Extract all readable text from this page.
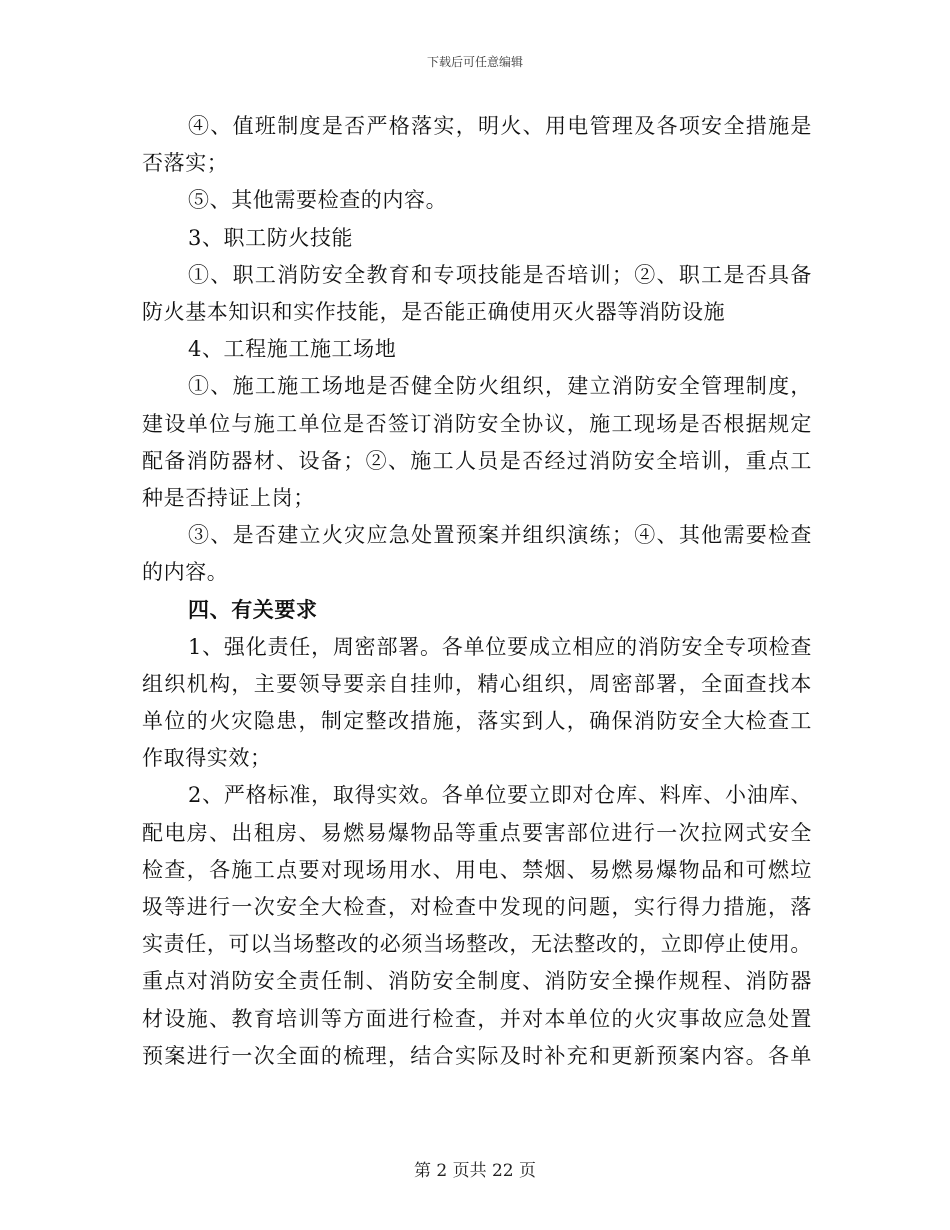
下载后可任意编辑
④、值班制度是否严格落实，明火、用电管理及各项安全措施是
否落实；
⑤、其他需要检查的内容。
3、职工防火技能
①、职工消防安全教育和专项技能是否培训；②、职工是否具备
防火基本知识和实作技能，是否能正确使用灭火器等消防设施
4、工程施工施工场地
①、施工施工场地是否健全防火组织，建立消防安全管理制度，
建设单位与施工单位是否签订消防安全协议，施工现场是否根据规定
配备消防器材、设备；②、施工人员是否经过消防安全培训，重点工
种是否持证上岗；
③、是否建立火灾应急处置预案并组织演练；④、其他需要检查
的内容。
四、有关要求
1、强化责任，周密部署。各单位要成立相应的消防安全专项检查
组织机构，主要领导要亲自挂帅，精心组织，周密部署，全面查找本
单位的火灾隐患，制定整改措施，落实到人，确保消防安全大检查工
作取得实效；
2、严格标准，取得实效。各单位要立即对仓库、料库、小油库、
配电房、出租房、易燃易爆物品等重点要害部位进行一次拉网式安全
检查，各施工点要对现场用水、用电、禁烟、易燃易爆物品和可燃垃
圾等进行一次安全大检查，对检查中发现的问题，实行得力措施，落
实责任，可以当场整改的必须当场整改，无法整改的，立即停止使用。
重点对消防安全责任制、消防安全制度、消防安全操作规程、消防器
材设施、教育培训等方面进行检查，并对本单位的火灾事故应急处置
预案进行一次全面的梳理，结合实际及时补充和更新预案内容。各单
第 2 页共 22 页
